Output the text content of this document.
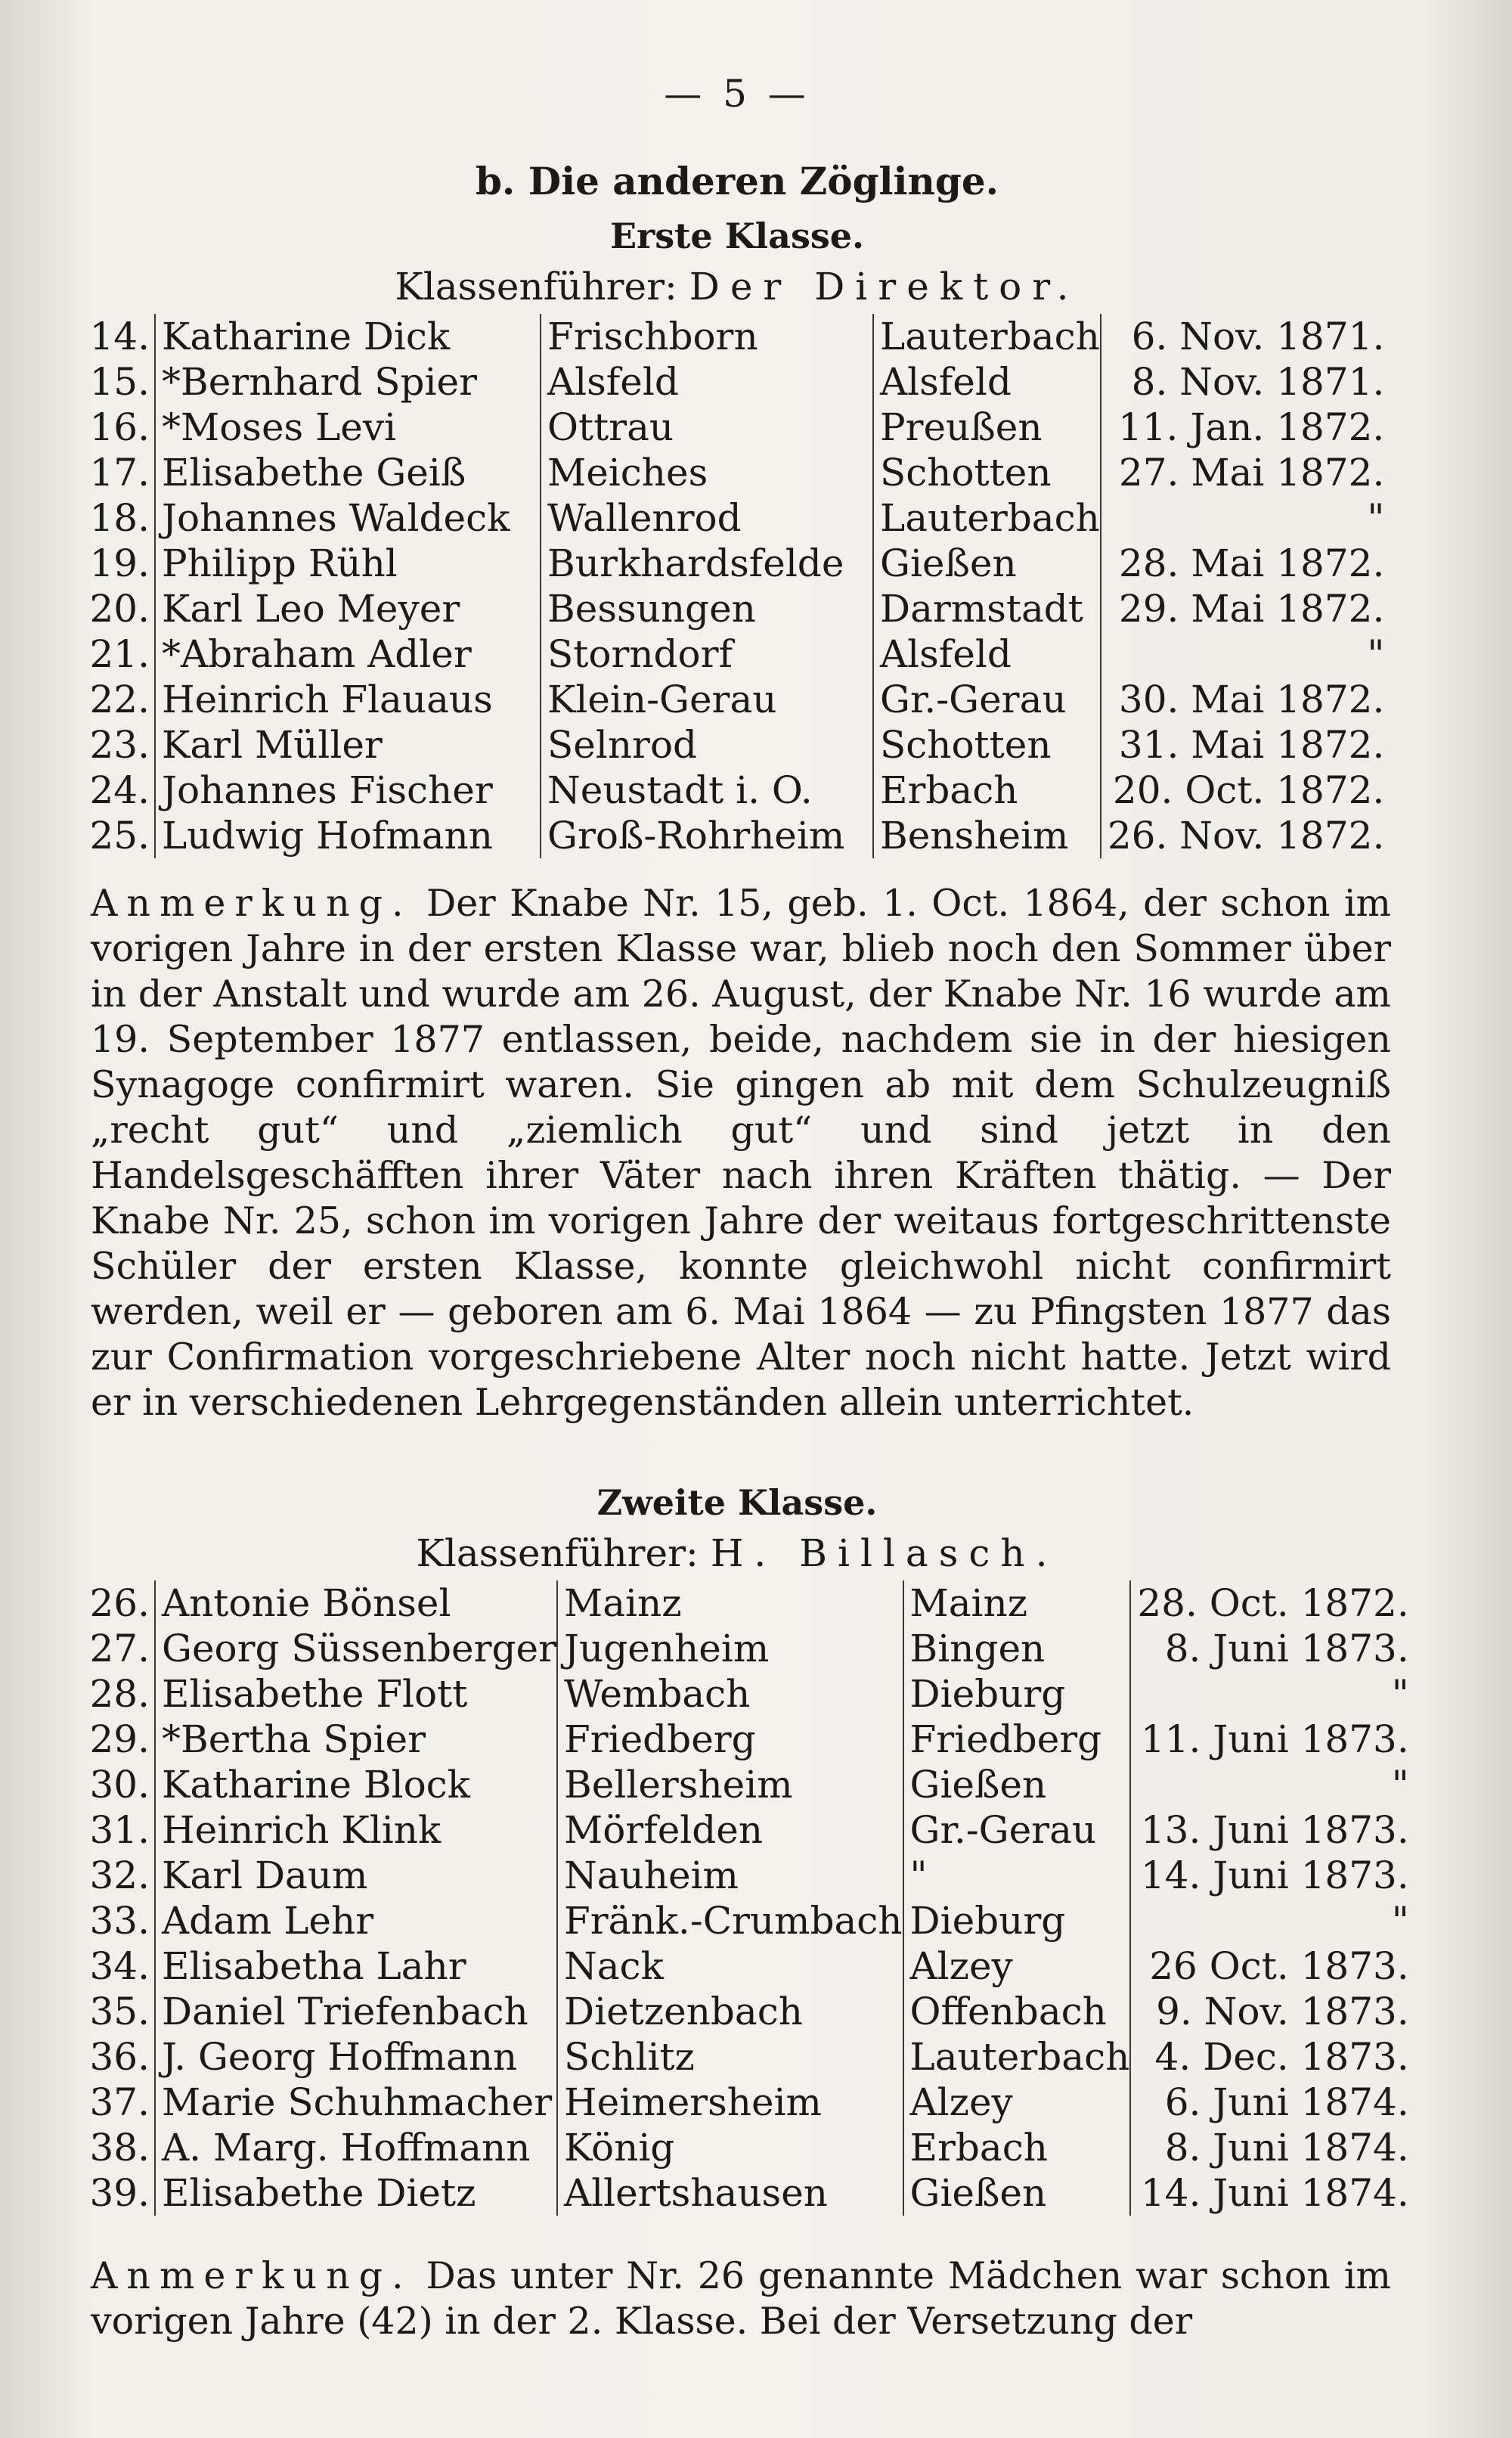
— 5 —
b. Die anderen Zöglinge.
Erste Klasse.
Klassenführer: Der Direktor.
14.	Katharine Dick	Frischborn	Lauterbach	6. Nov. 1871.
15.	*Bernhard Spier	Alsfeld	Alsfeld	8. Nov. 1871.
16.	*Moses Levi	Ottrau	Preußen	11. Jan. 1872.
17.	Elisabethe Geiß	Meiches	Schotten	27. Mai 1872.
18.	Johannes Waldeck	Wallenrod	Lauterbach	"
19.	Philipp Rühl	Burkhardsfelde	Gießen	28. Mai 1872.
20.	Karl Leo Meyer	Bessungen	Darmstadt	29. Mai 1872.
21.	*Abraham Adler	Storndorf	Alsfeld	"
22.	Heinrich Flauaus	Klein-Gerau	Gr.-Gerau	30. Mai 1872.
23.	Karl Müller	Selnrod	Schotten	31. Mai 1872.
24.	Johannes Fischer	Neustadt i. O.	Erbach	20. Oct. 1872.
25.	Ludwig Hofmann	Groß-Rohrheim	Bensheim	26. Nov. 1872.
Anmerkung. Der Knabe Nr. 15, geb. 1. Oct. 1864, der schon im vorigen Jahre in der ersten Klasse war, blieb noch den Sommer über in der Anstalt und wurde am 26. August, der Knabe Nr. 16 wurde am 19. September 1877 entlassen, beide, nachdem sie in der hiesigen Synagoge confirmirt waren. Sie gingen ab mit dem Schulzeugniß „recht gut“ und „ziemlich gut“ und sind jetzt in den Handelsgeschäfften ihrer Väter nach ihren Kräften thätig. — Der Knabe Nr. 25, schon im vorigen Jahre der weitaus fortgeschrittenste Schüler der ersten Klasse, konnte gleichwohl nicht confirmirt werden, weil er — geboren am 6. Mai 1864 — zu Pfingsten 1877 das zur Confirmation vorgeschriebene Alter noch nicht hatte. Jetzt wird er in verschiedenen Lehrgegenständen allein unterrichtet.
Zweite Klasse.
Klassenführer: H. Billasch.
26.	Antonie Bönsel	Mainz	Mainz	28. Oct. 1872.
27.	Georg Süssenberger	Jugenheim	Bingen	8. Juni 1873.
28.	Elisabethe Flott	Wembach	Dieburg	"
29.	*Bertha Spier	Friedberg	Friedberg	11. Juni 1873.
30.	Katharine Block	Bellersheim	Gießen	"
31.	Heinrich Klink	Mörfelden	Gr.-Gerau	13. Juni 1873.
32.	Karl Daum	Nauheim	"	14. Juni 1873.
33.	Adam Lehr	Fränk.-Crumbach	Dieburg	"
34.	Elisabetha Lahr	Nack	Alzey	26 Oct. 1873.
35.	Daniel Triefenbach	Dietzenbach	Offenbach	9. Nov. 1873.
36.	J. Georg Hoffmann	Schlitz	Lauterbach	4. Dec. 1873.
37.	Marie Schuhmacher	Heimersheim	Alzey	6. Juni 1874.
38.	A. Marg. Hoffmann	König	Erbach	8. Juni 1874.
39.	Elisabethe Dietz	Allertshausen	Gießen	14. Juni 1874.
Anmerkung. Das unter Nr. 26 genannte Mädchen war schon im vorigen Jahre (42) in der 2. Klasse. Bei der Versetzung der
